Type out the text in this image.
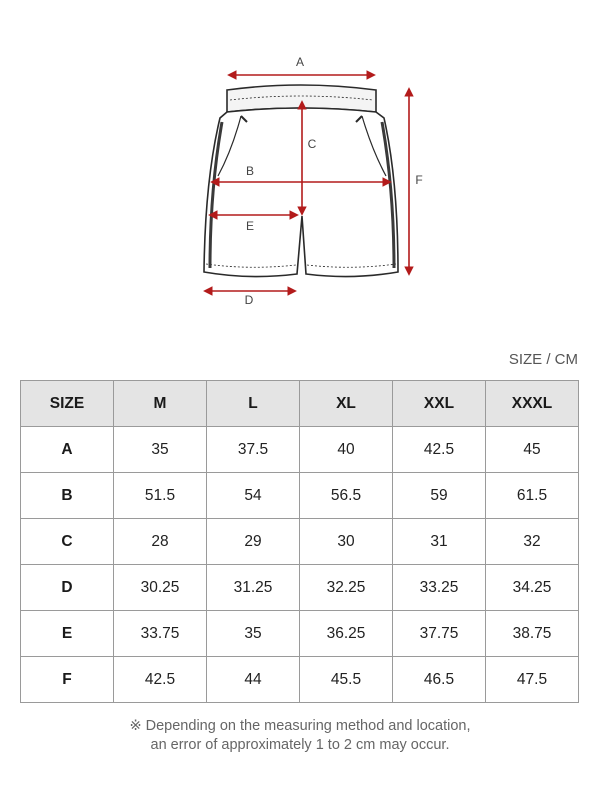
A
B
C
D
E
F
SIZE / CM
SIZE	M	L	XL	XXL	XXXL
A	35	37.5	40	42.5	45
B	51.5	54	56.5	59	61.5
C	28	29	30	31	32
D	30.25	31.25	32.25	33.25	34.25
E	33.75	35	36.25	37.75	38.75
F	42.5	44	45.5	46.5	47.5
※ Depending on the measuring method and location,
an error of approximately 1 to 2 cm may occur.
